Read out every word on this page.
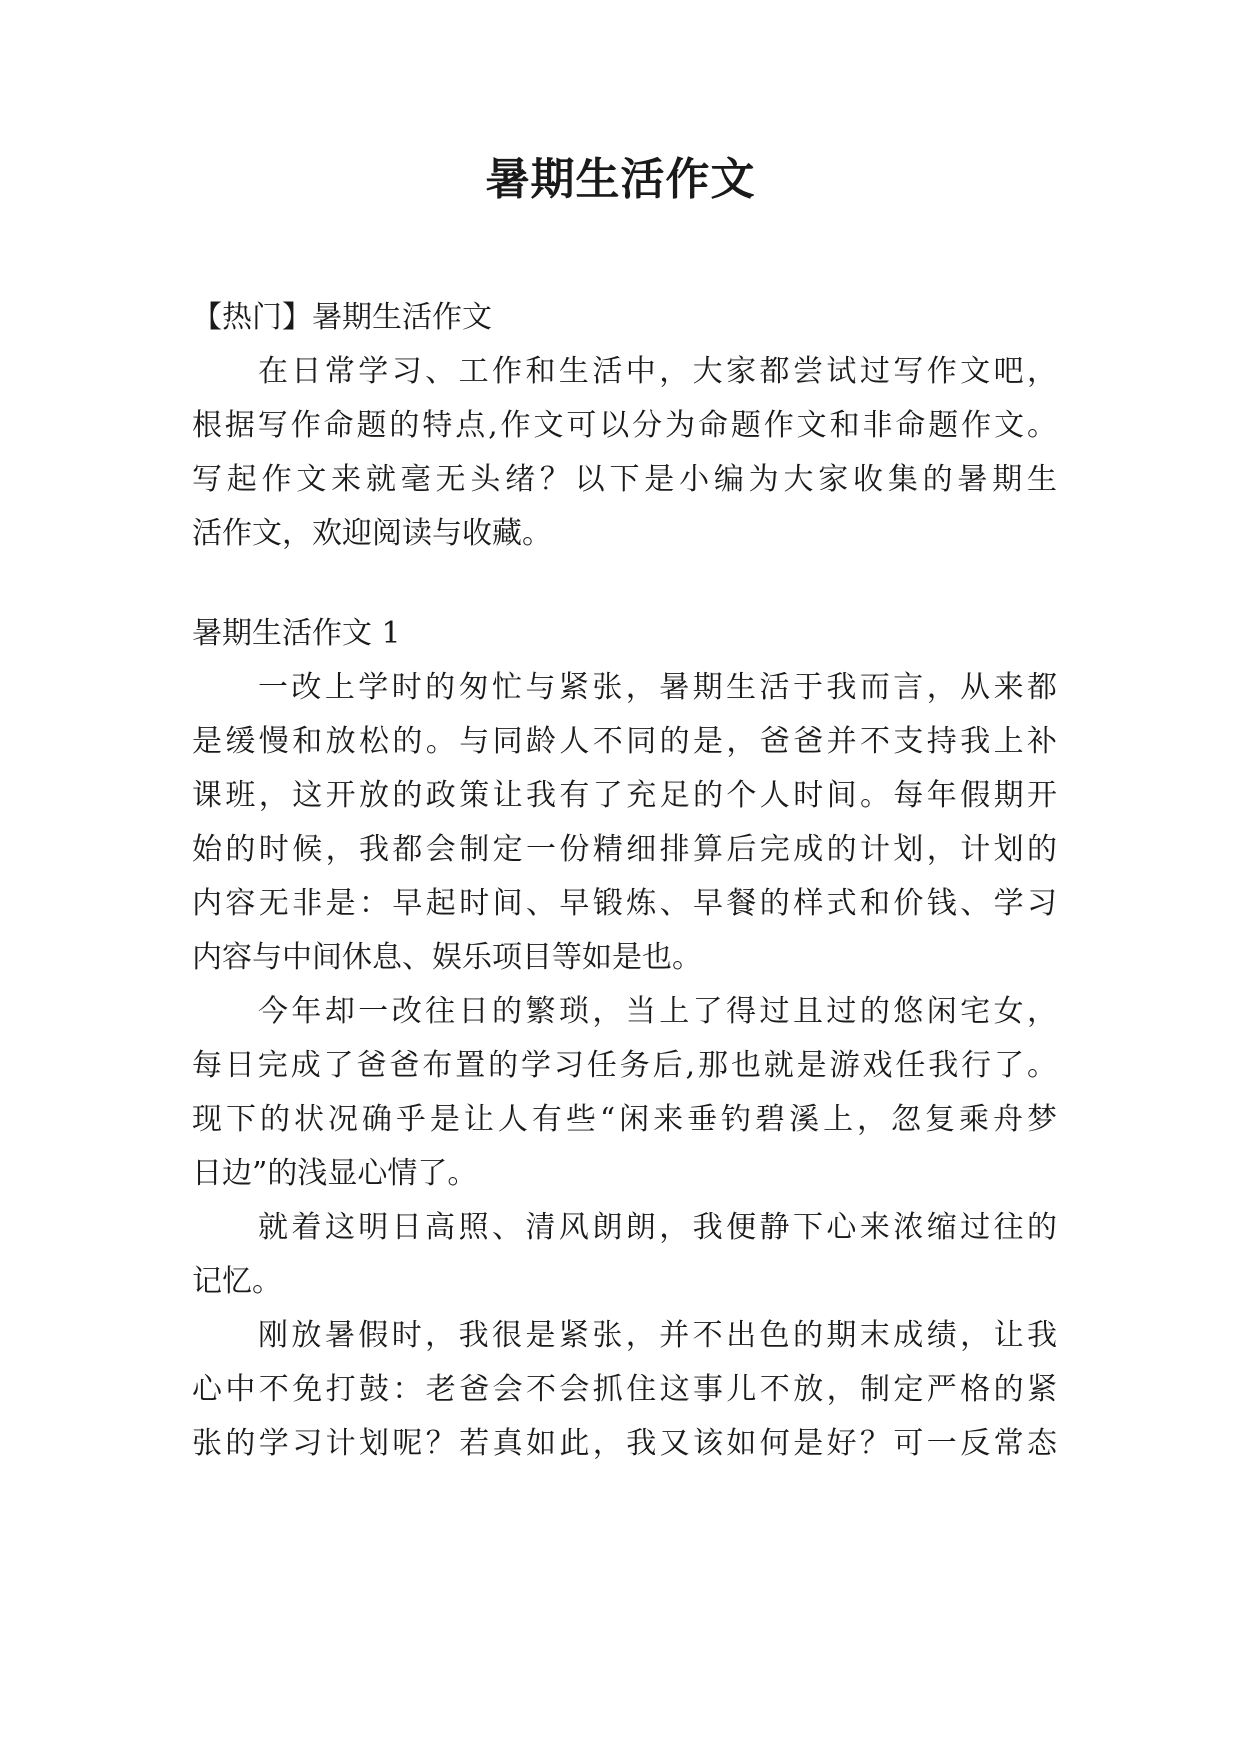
暑期生活作文
【热门】暑期生活作文
在日常学习、工作和生活中，大家都尝试过写作文吧，
根据写作命题的特点,作文可以分为命题作文和非命题作文。
写起作文来就毫无头绪？以下是小编为大家收集的暑期生
活作文，欢迎阅读与收藏。
暑期生活作文 1
一改上学时的匆忙与紧张，暑期生活于我而言，从来都
是缓慢和放松的。与同龄人不同的是，爸爸并不支持我上补
课班，这开放的政策让我有了充足的个人时间。每年假期开
始的时候，我都会制定一份精细排算后完成的计划，计划的
内容无非是：早起时间、早锻炼、早餐的样式和价钱、学习
内容与中间休息、娱乐项目等如是也。
今年却一改往日的繁琐，当上了得过且过的悠闲宅女，
每日完成了爸爸布置的学习任务后,那也就是游戏任我行了。
现下的状况确乎是让人有些“闲来垂钓碧溪上，忽复乘舟梦
日边”的浅显心情了。
就着这明日高照、清风朗朗，我便静下心来浓缩过往的
记忆。
刚放暑假时，我很是紧张，并不出色的期末成绩，让我
心中不免打鼓：老爸会不会抓住这事儿不放，制定严格的紧
张的学习计划呢？若真如此，我又该如何是好？可一反常态
